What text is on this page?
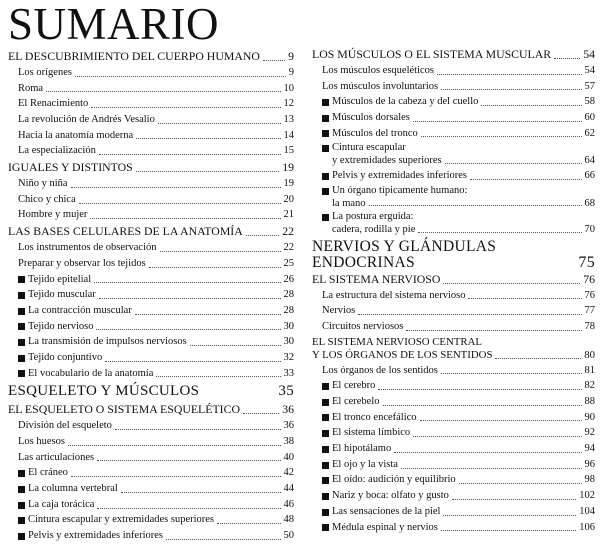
SUMARIO
EL DESCUBRIMIENTO DEL CUERPO HUMANO 9
Los orígenes	9
Roma	10
El Renacimiento	12
La revolución de Andrés Vesalio	13
Hacia la anatomía moderna	14
La especialización	15
IGUALES Y DISTINTOS	19
Niño y niña	19
Chico y chica	20
Hombre y mujer	21
LAS BASES CELULARES DE LA ANATOMÍA	22
Los instrumentos de observación	22
Preparar y observar los tejidos	25
Tejido epitelial	26
Tejido muscular	28
La contracción muscular	28
Tejido nervioso	30
La transmisión de impulsos nerviosos	30
Tejido conjuntivo	32
El vocabulario de la anatomía	33
ESQUELETO Y MÚSCULOS	35
EL ESQUELETO O SISTEMA ESQUELÉTICO	36
División del esqueleto	36
Los huesos	38
Las articulaciones	40
El cráneo	42
La columna vertebral	44
La caja torácica	46
Cintura escapular y extremidades superiores	48
Pelvis y extremidades inferiores	50
LOS MÚSCULOS O EL SISTEMA MUSCULAR	54
Los músculos esqueléticos	54
Los músculos involuntarios	57
Músculos de la cabeza y del cuello	58
Músculos dorsales	60
Músculos del tronco	62
Cintura escapular
y extremidades superiores	64
Pelvis y extremidades inferiores	66
Un órgano típicamente humano:
la mano	68
La postura erguida:
cadera, rodilla y pie	70
NERVIOS Y GLÁNDULAS
ENDOCRINAS	75
EL SISTEMA NERVIOSO	76
La estructura del sistema nervioso	76
Nervios	77
Circuitos nerviosos	78
EL SISTEMA NERVIOSO CENTRAL
Y LOS ÓRGANOS DE LOS SENTIDOS	80
Los órganos de los sentidos	81
El cerebro	82
El cerebelo	88
El tronco encefálico	90
El sistema límbico	92
El hipotálamo	94
El ojo y la vista	96
El oído: audición y equilibrio	98
Nariz y boca: olfato y gusto	102
Las sensaciones de la piel	104
Médula espinal y nervios	106
